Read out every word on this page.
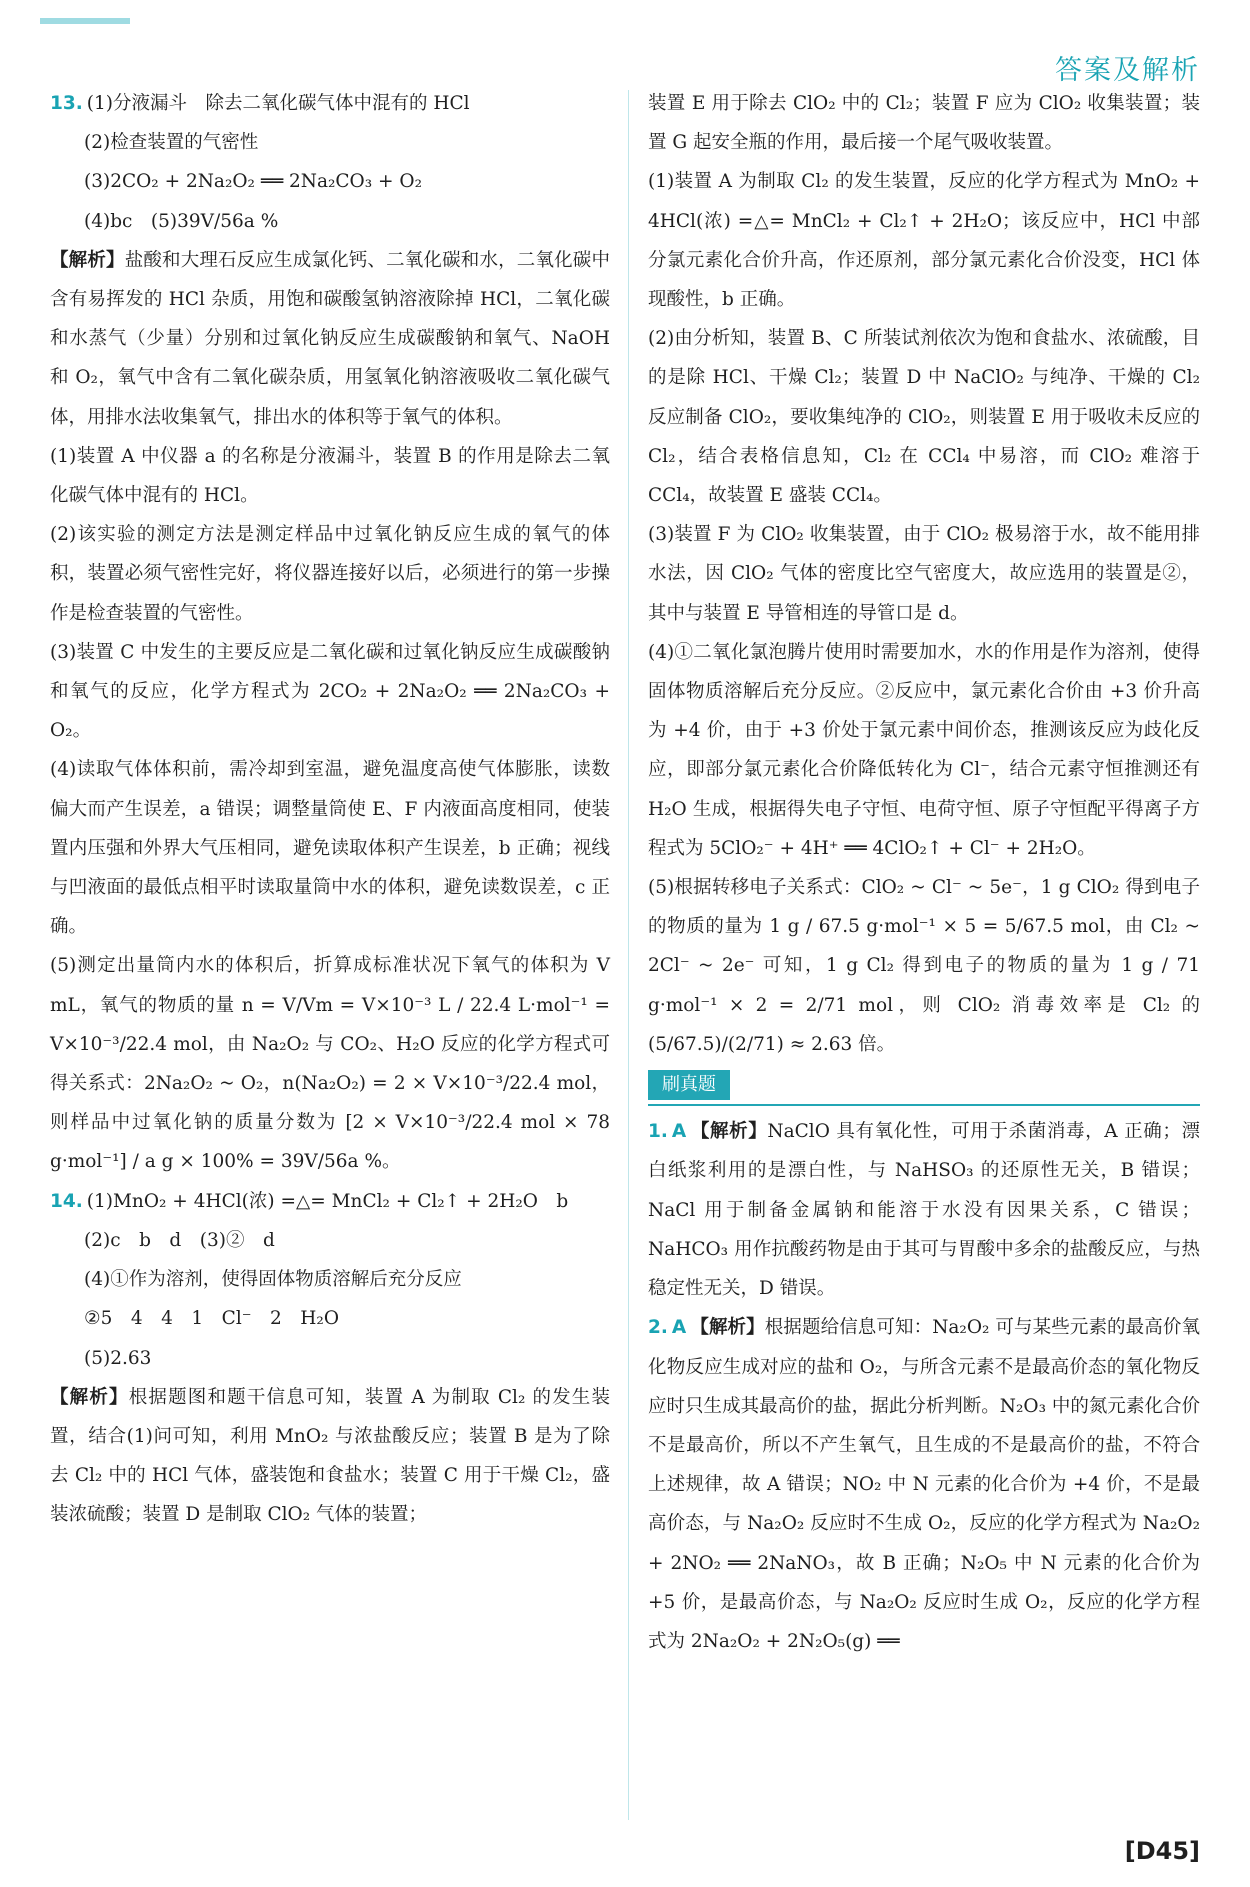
答案及解析

13. (1)分液漏斗　除去二氧化碳气体中混有的 HCl

(2)检查装置的气密性

(3)2CO₂ + 2Na₂O₂ ══ 2Na₂CO₃ + O₂

(4)bc　(5)39V/56a %

【解析】盐酸和大理石反应生成氯化钙、二氧化碳和水，二氧化碳中含有易挥发的 HCl 杂质，用饱和碳酸氢钠溶液除掉 HCl，二氧化碳和水蒸气（少量）分别和过氧化钠反应生成碳酸钠和氧气、NaOH 和 O₂，氧气中含有二氧化碳杂质，用氢氧化钠溶液吸收二氧化碳气体，用排水法收集氧气，排出水的体积等于氧气的体积。

(1)装置 A 中仪器 a 的名称是分液漏斗，装置 B 的作用是除去二氧化碳气体中混有的 HCl。

(2)该实验的测定方法是测定样品中过氧化钠反应生成的氧气的体积，装置必须气密性完好，将仪器连接好以后，必须进行的第一步操作是检查装置的气密性。

(3)装置 C 中发生的主要反应是二氧化碳和过氧化钠反应生成碳酸钠和氧气的反应，化学方程式为 2CO₂ + 2Na₂O₂ ══ 2Na₂CO₃ + O₂。

(4)读取气体体积前，需冷却到室温，避免温度高使气体膨胀，读数偏大而产生误差，a 错误；调整量筒使 E、F 内液面高度相同，使装置内压强和外界大气压相同，避免读取体积产生误差，b 正确；视线与凹液面的最低点相平时读取量筒中水的体积，避免读数误差，c 正确。

(5)测定出量筒内水的体积后，折算成标准状况下氧气的体积为 V mL，氧气的物质的量 n = V/Vm = V×10⁻³ L / 22.4 L·mol⁻¹ = V×10⁻³/22.4 mol，由 Na₂O₂ 与 CO₂、H₂O 反应的化学方程式可得关系式：2Na₂O₂ ~ O₂，n(Na₂O₂) = 2 × V×10⁻³/22.4 mol，则样品中过氧化钠的质量分数为 [2 × V×10⁻³/22.4 mol × 78 g·mol⁻¹] / a g × 100% = 39V/56a %。

14. (1)MnO₂ + 4HCl(浓) =△= MnCl₂ + Cl₂↑ + 2H₂O　b

(2)c　b　d　(3)②　d

(4)①作为溶剂，使得固体物质溶解后充分反应

②5　4　4　1　Cl⁻　2　H₂O

(5)2.63

【解析】根据题图和题干信息可知，装置 A 为制取 Cl₂ 的发生装置，结合(1)问可知，利用 MnO₂ 与浓盐酸反应；装置 B 是为了除去 Cl₂ 中的 HCl 气体，盛装饱和食盐水；装置 C 用于干燥 Cl₂，盛装浓硫酸；装置 D 是制取 ClO₂ 气体的装置；

装置 E 用于除去 ClO₂ 中的 Cl₂；装置 F 应为 ClO₂ 收集装置；装置 G 起安全瓶的作用，最后接一个尾气吸收装置。

(1)装置 A 为制取 Cl₂ 的发生装置，反应的化学方程式为 MnO₂ + 4HCl(浓) =△= MnCl₂ + Cl₂↑ + 2H₂O；该反应中，HCl 中部分氯元素化合价升高，作还原剂，部分氯元素化合价没变，HCl 体现酸性，b 正确。

(2)由分析知，装置 B、C 所装试剂依次为饱和食盐水、浓硫酸，目的是除 HCl、干燥 Cl₂；装置 D 中 NaClO₂ 与纯净、干燥的 Cl₂ 反应制备 ClO₂，要收集纯净的 ClO₂，则装置 E 用于吸收未反应的 Cl₂，结合表格信息知，Cl₂ 在 CCl₄ 中易溶，而 ClO₂ 难溶于 CCl₄，故装置 E 盛装 CCl₄。

(3)装置 F 为 ClO₂ 收集装置，由于 ClO₂ 极易溶于水，故不能用排水法，因 ClO₂ 气体的密度比空气密度大，故应选用的装置是②，其中与装置 E 导管相连的导管口是 d。

(4)①二氧化氯泡腾片使用时需要加水，水的作用是作为溶剂，使得固体物质溶解后充分反应。②反应中，氯元素化合价由 +3 价升高为 +4 价，由于 +3 价处于氯元素中间价态，推测该反应为歧化反应，即部分氯元素化合价降低转化为 Cl⁻，结合元素守恒推测还有 H₂O 生成，根据得失电子守恒、电荷守恒、原子守恒配平得离子方程式为 5ClO₂⁻ + 4H⁺ ══ 4ClO₂↑ + Cl⁻ + 2H₂O。

(5)根据转移电子关系式：ClO₂ ~ Cl⁻ ~ 5e⁻，1 g ClO₂ 得到电子的物质的量为 1 g / 67.5 g·mol⁻¹ × 5 = 5/67.5 mol，由 Cl₂ ~ 2Cl⁻ ~ 2e⁻ 可知，1 g Cl₂ 得到电子的物质的量为 1 g / 71 g·mol⁻¹ × 2 = 2/71 mol，则 ClO₂ 消毒效率是 Cl₂ 的 (5/67.5)/(2/71) ≈ 2.63 倍。

刷真题

1. A 【解析】NaClO 具有氧化性，可用于杀菌消毒，A 正确；漂白纸浆利用的是漂白性，与 NaHSO₃ 的还原性无关，B 错误；NaCl 用于制备金属钠和能溶于水没有因果关系，C 错误；NaHCO₃ 用作抗酸药物是由于其可与胃酸中多余的盐酸反应，与热稳定性无关，D 错误。

2. A 【解析】根据题给信息可知：Na₂O₂ 可与某些元素的最高价氧化物反应生成对应的盐和 O₂，与所含元素不是最高价态的氧化物反应时只生成其最高价的盐，据此分析判断。N₂O₃ 中的氮元素化合价不是最高价，所以不产生氧气，且生成的不是最高价的盐，不符合上述规律，故 A 错误；NO₂ 中 N 元素的化合价为 +4 价，不是最高价态，与 Na₂O₂ 反应时不生成 O₂，反应的化学方程式为 Na₂O₂ + 2NO₂ ══ 2NaNO₃，故 B 正确；N₂O₅ 中 N 元素的化合价为 +5 价，是最高价态，与 Na₂O₂ 反应时生成 O₂，反应的化学方程式为 2Na₂O₂ + 2N₂O₅(g) ══

[D45]
